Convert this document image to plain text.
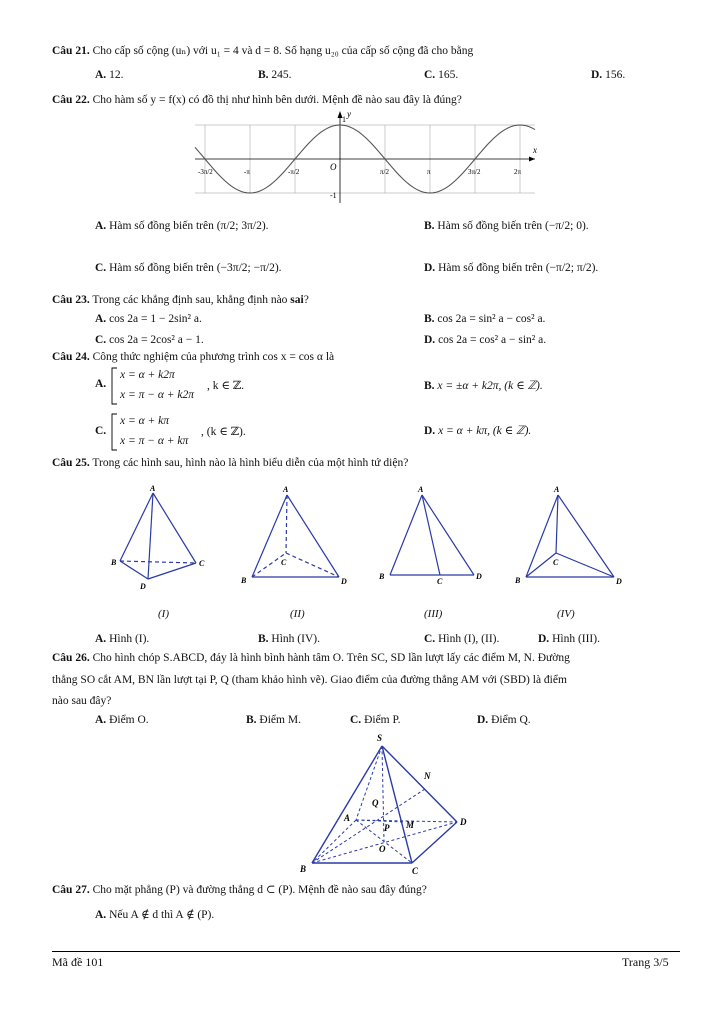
Câu 21. Cho cấp số cộng (uₙ) với u₁ = 4 và d = 8. Số hạng u₂₀ của cấp số cộng đã cho bằng
A. 12.	B. 245.	C. 165.	D. 156.
Câu 22. Cho hàm số y = f(x) có đồ thị như hình bên dưới. Mệnh đề nào sau đây là đúng?
y
x
O
1
-1
-3π/2	-π	-π/2	π/2	π	3π/2	2π
A. Hàm số đồng biến trên (π/2; 3π/2).	B. Hàm số đồng biến trên (−π/2; 0).
C. Hàm số đồng biến trên (−3π/2; −π/2).	D. Hàm số đồng biến trên (−π/2; π/2).
Câu 23. Trong các khẳng định sau, khẳng định nào sai?
A. cos 2a = 1 − 2sin² a.	B. cos 2a = sin² a − cos² a.
C. cos 2a = 2cos² a − 1.	D. cos 2a = cos² a − sin² a.
Câu 24. Công thức nghiệm của phương trình cos x = cos α là
A.
x = α + k2π
x = π − α + k2π
, k ∈ ℤ.	B. x = ±α + k2π, (k ∈ ℤ).
C.
x = α + kπ
x = π − α + kπ
, (k ∈ ℤ).	D. x = α + kπ, (k ∈ ℤ).
Câu 25. Trong các hình sau, hình nào là hình biểu diễn của một hình tứ diện?
A
B	C
D
A
B
C
D
A
B
C
D
A
B
C
D
(I)	(II)	(III)	(IV)
A. Hình (I).	B. Hình (IV).	C. Hình (I), (II).	D. Hình (III).
Câu 26. Cho hình chóp S.ABCD, đáy là hình bình hành tâm O. Trên SC, SD lần lượt lấy các điểm M, N. Đường
thẳng SO cắt AM, BN lần lượt tại P, Q (tham khảo hình vẽ). Giao điểm của đường thẳng AM với (SBD) là điểm
nào sau đây?
A. Điểm O.	B. Điểm M.	C. Điểm P.	D. Điểm Q.
S
N
Q
A
P M	D
O
B	C
Câu 27. Cho mặt phẳng (P) và đường thẳng d ⊂ (P). Mệnh đề nào sau đây đúng?
A. Nếu A ∉ d thì A ∉ (P).
Mã đề 101	Trang 3/5
